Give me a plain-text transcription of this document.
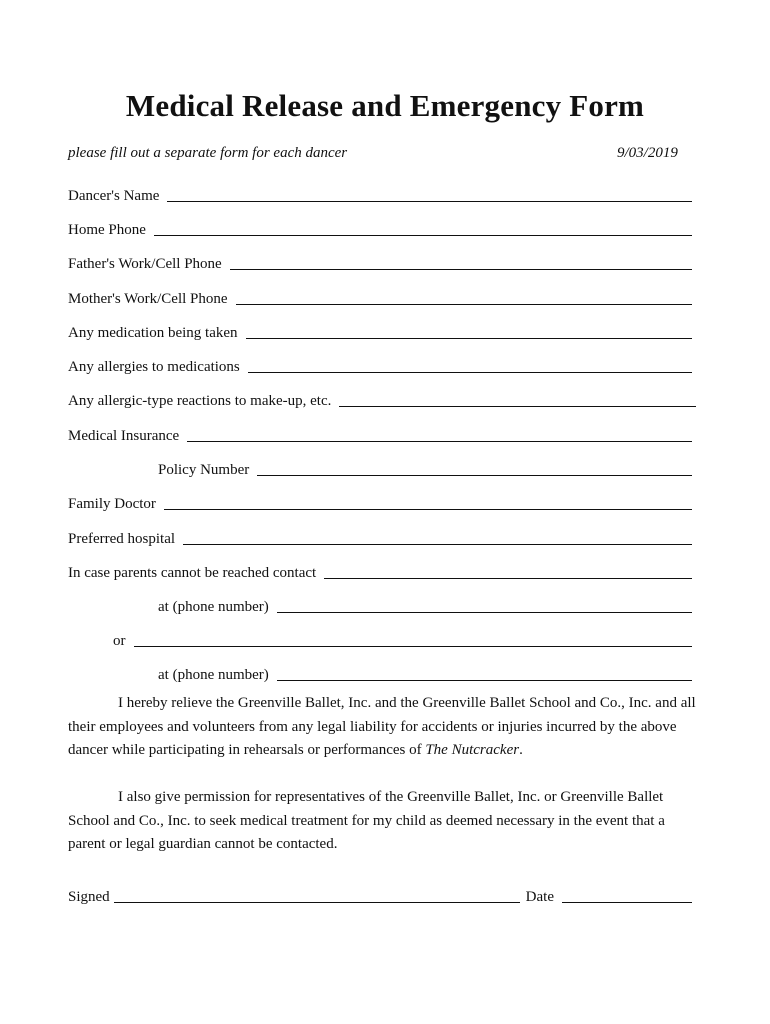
Medical Release and Emergency Form
please fill out a separate form for each dancer	9/03/2019
Dancer's Name
Home Phone
Father's Work/Cell Phone
Mother's Work/Cell Phone
Any medication being taken
Any allergies to medications
Any allergic-type reactions to make-up, etc.
Medical Insurance
Policy Number
Family Doctor
Preferred hospital
In case parents cannot be reached contact
at (phone number)
or
at (phone number)
I hereby relieve the Greenville Ballet, Inc. and the Greenville Ballet School and Co., Inc. and all their employees and volunteers from any legal liability for accidents or injuries incurred by the above dancer while participating in rehearsals or performances of The Nutcracker.
I also give permission for representatives of the Greenville Ballet, Inc. or Greenville Ballet School and Co., Inc. to seek medical treatment for my child as deemed necessary in the event that a parent or legal guardian cannot be contacted.
Signed	Date
